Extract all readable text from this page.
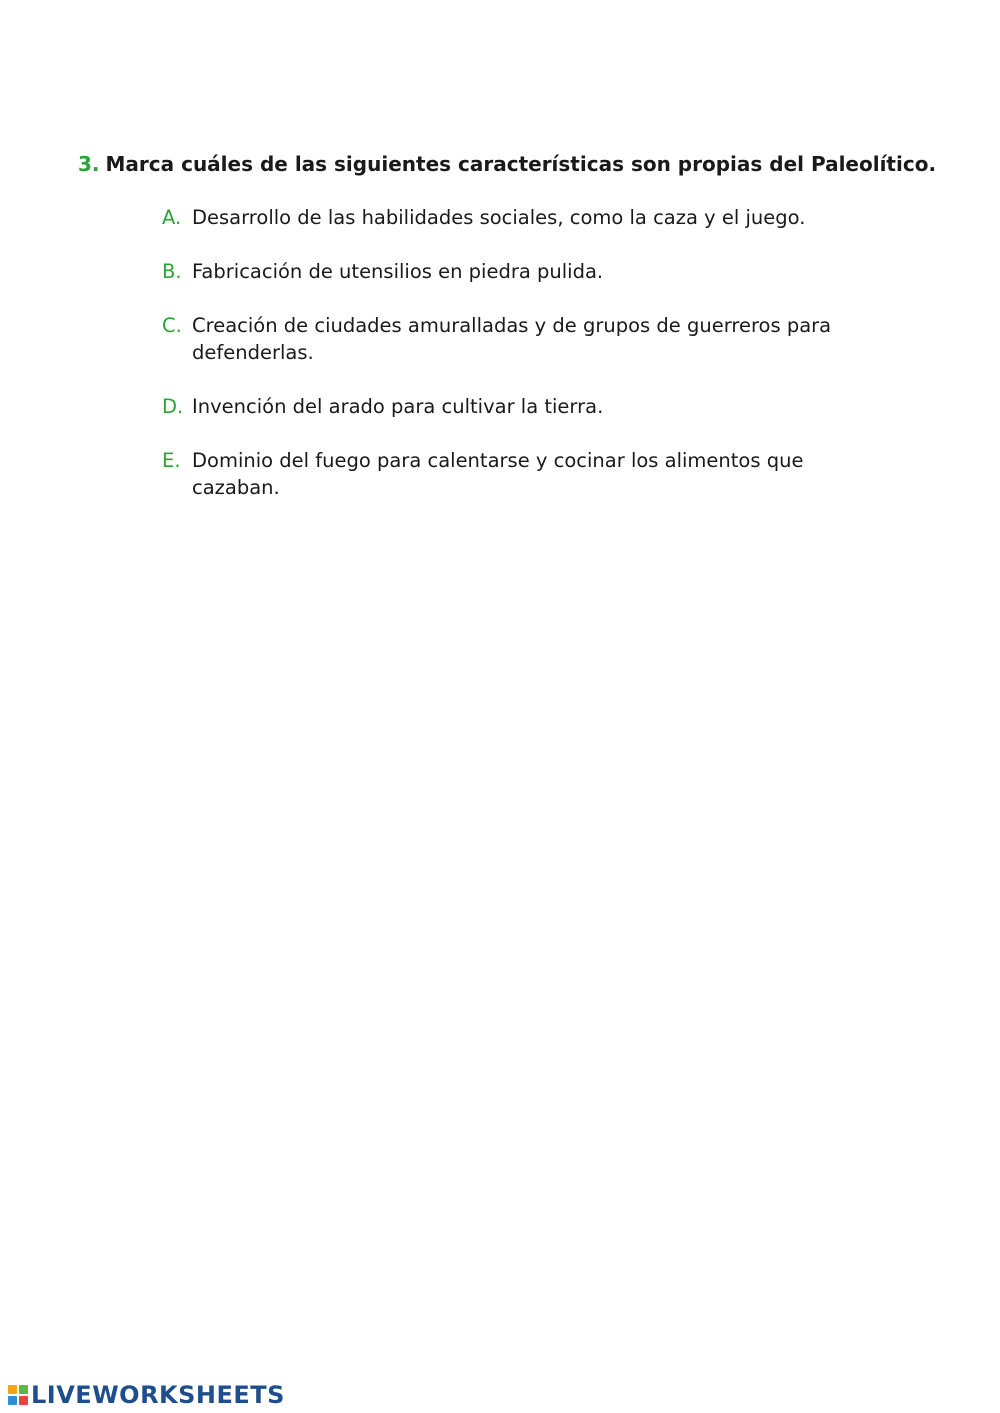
3. Marca cuáles de las siguientes características son propias del Paleolítico.
A. Desarrollo de las habilidades sociales, como la caza y el juego.
B. Fabricación de utensilios en piedra pulida.
C. Creación de ciudades amuralladas y de grupos de guerreros para defenderlas.
D. Invención del arado para cultivar la tierra.
E. Dominio del fuego para calentarse y cocinar los alimentos que cazaban.
LIVEWORKSHEETS
